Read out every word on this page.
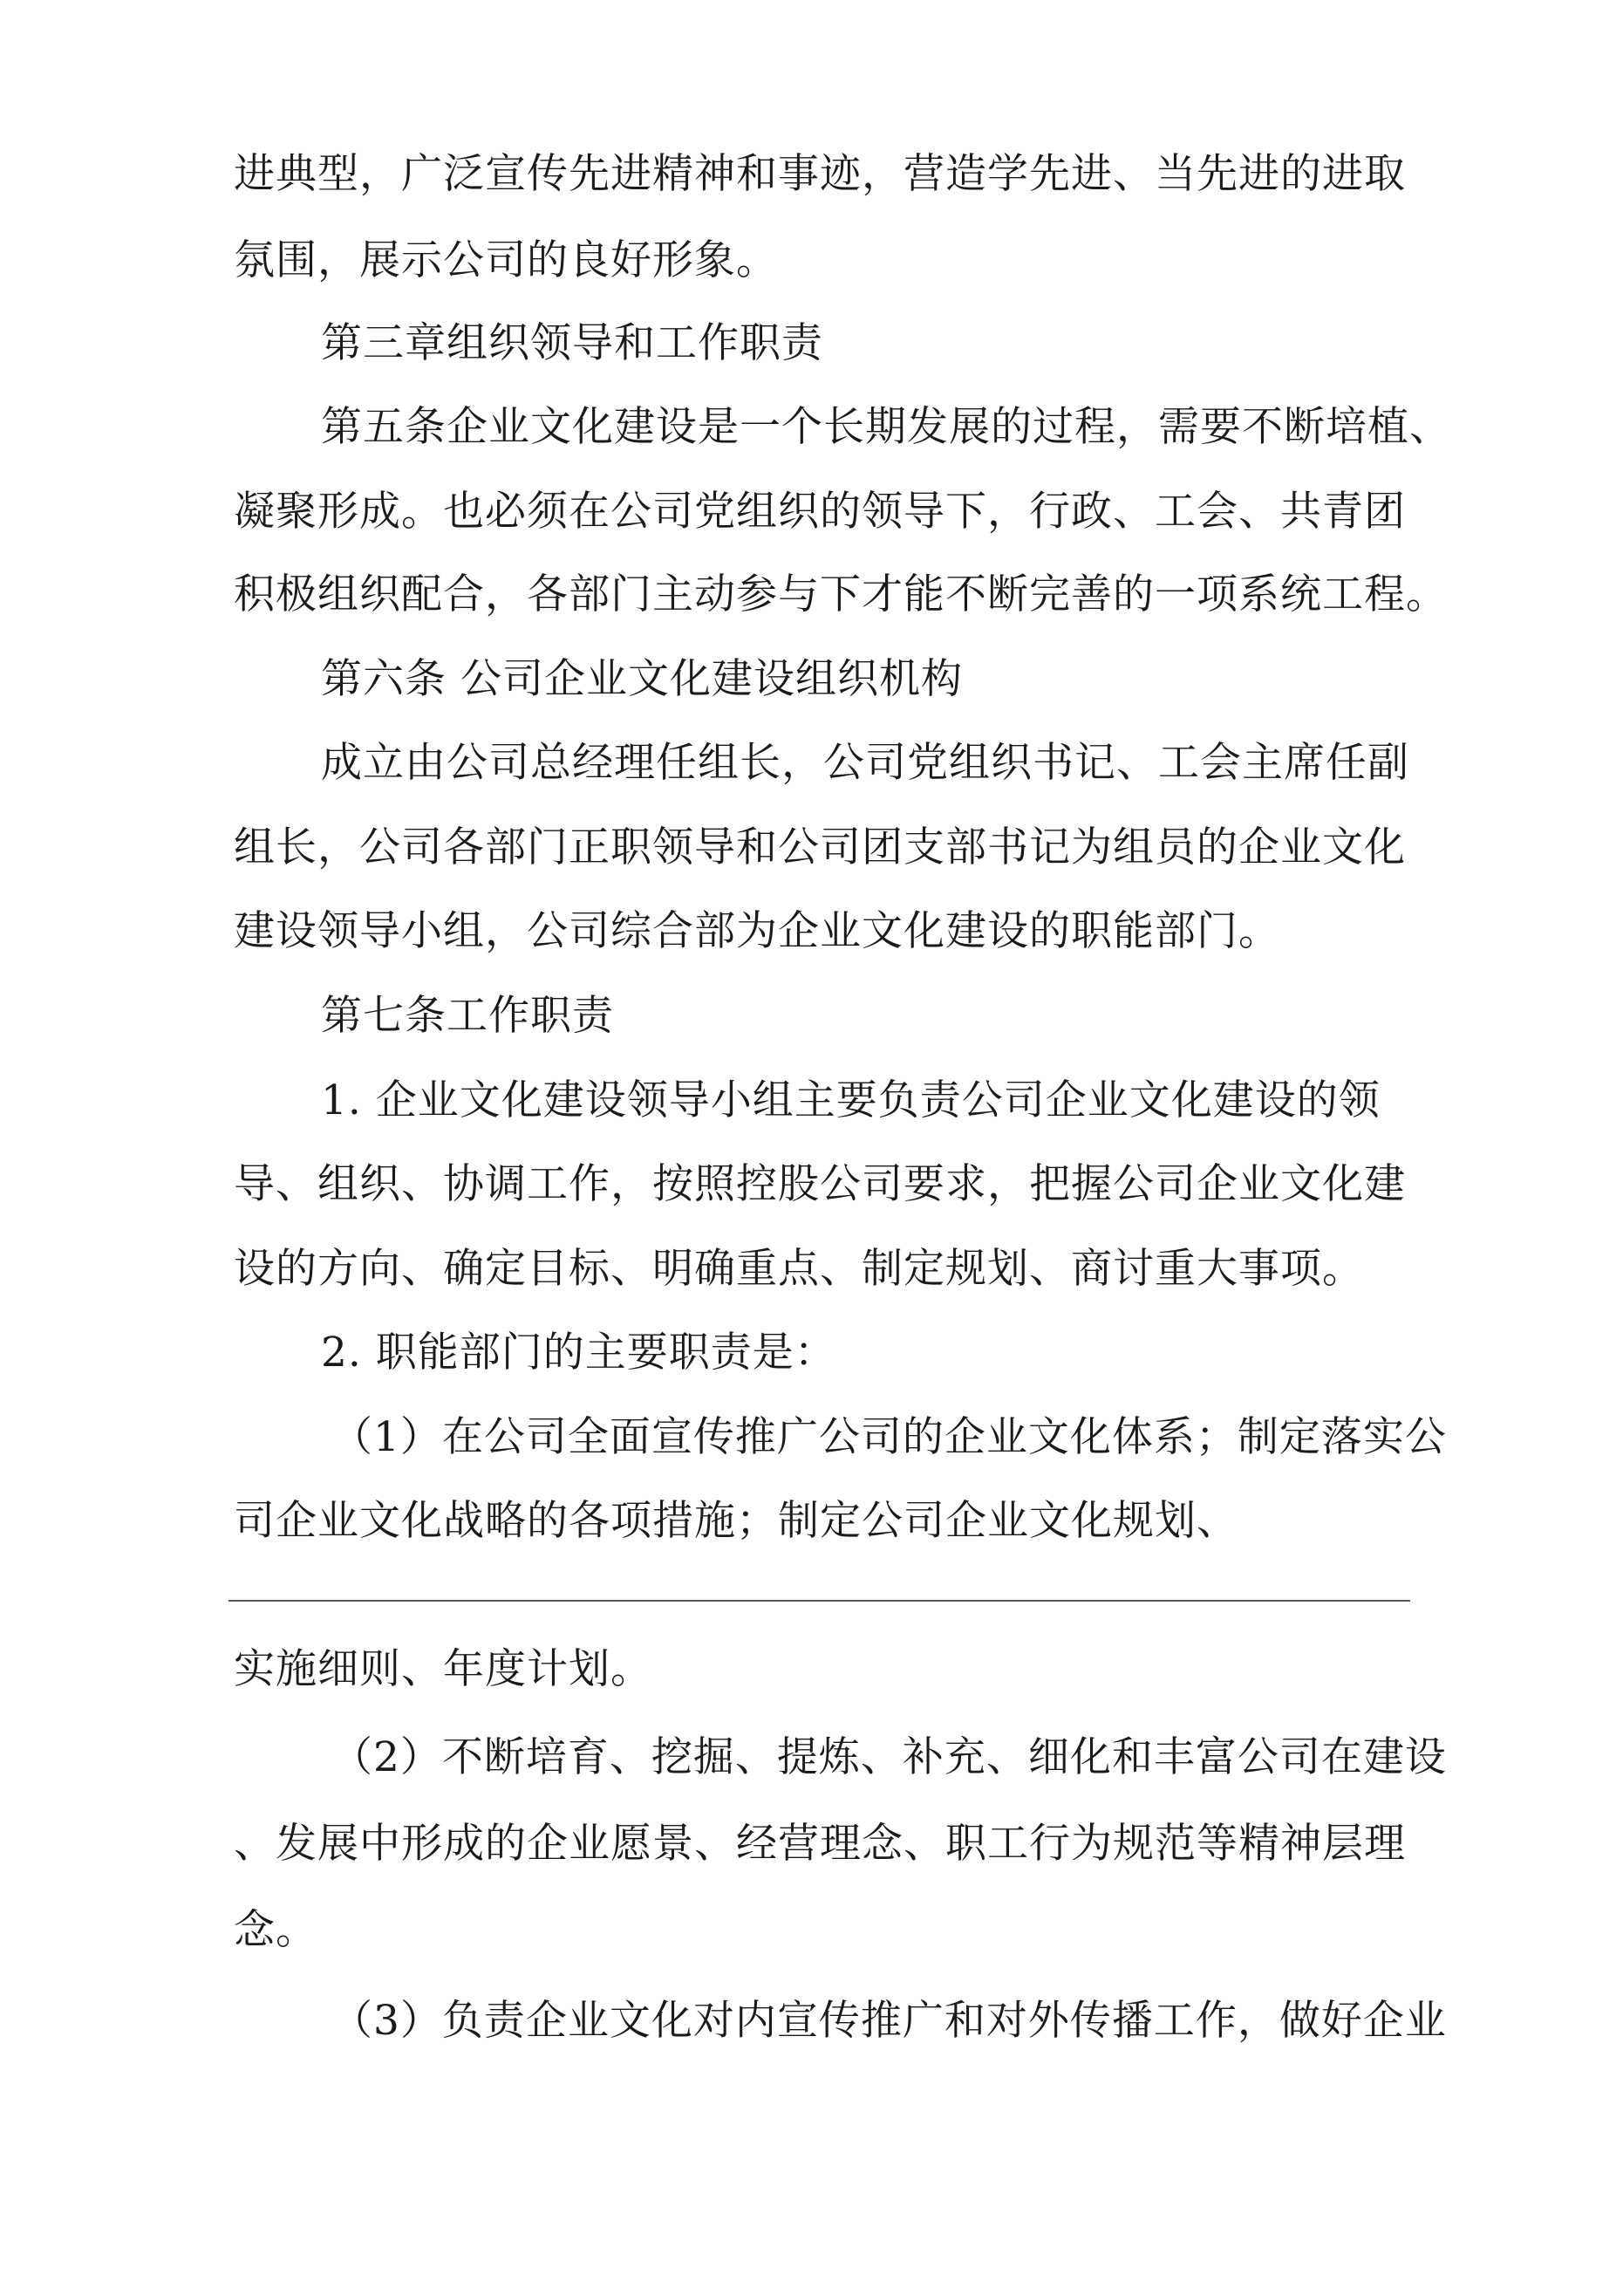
进典型，广泛宣传先进精神和事迹，营造学先进、当先进的进取
氛围，展示公司的良好形象。
第三章组织领导和工作职责
第五条企业文化建设是一个长期发展的过程，需要不断培植、
凝聚形成。也必须在公司党组织的领导下，行政、工会、共青团
积极组织配合，各部门主动参与下才能不断完善的一项系统工程。
第六条 公司企业文化建设组织机构
成立由公司总经理任组长，公司党组织书记、工会主席任副
组长，公司各部门正职领导和公司团支部书记为组员的企业文化
建设领导小组，公司综合部为企业文化建设的职能部门。
第七条工作职责
1. 企业文化建设领导小组主要负责公司企业文化建设的领
导、组织、协调工作，按照控股公司要求，把握公司企业文化建
设的方向、确定目标、明确重点、制定规划、商讨重大事项。
2. 职能部门的主要职责是：
（1）在公司全面宣传推广公司的企业文化体系；制定落实公
司企业文化战略的各项措施；制定公司企业文化规划、
实施细则、年度计划。
（2）不断培育、挖掘、提炼、补充、细化和丰富公司在建设
、发展中形成的企业愿景、经营理念、职工行为规范等精神层理
念。
（3）负责企业文化对内宣传推广和对外传播工作，做好企业
